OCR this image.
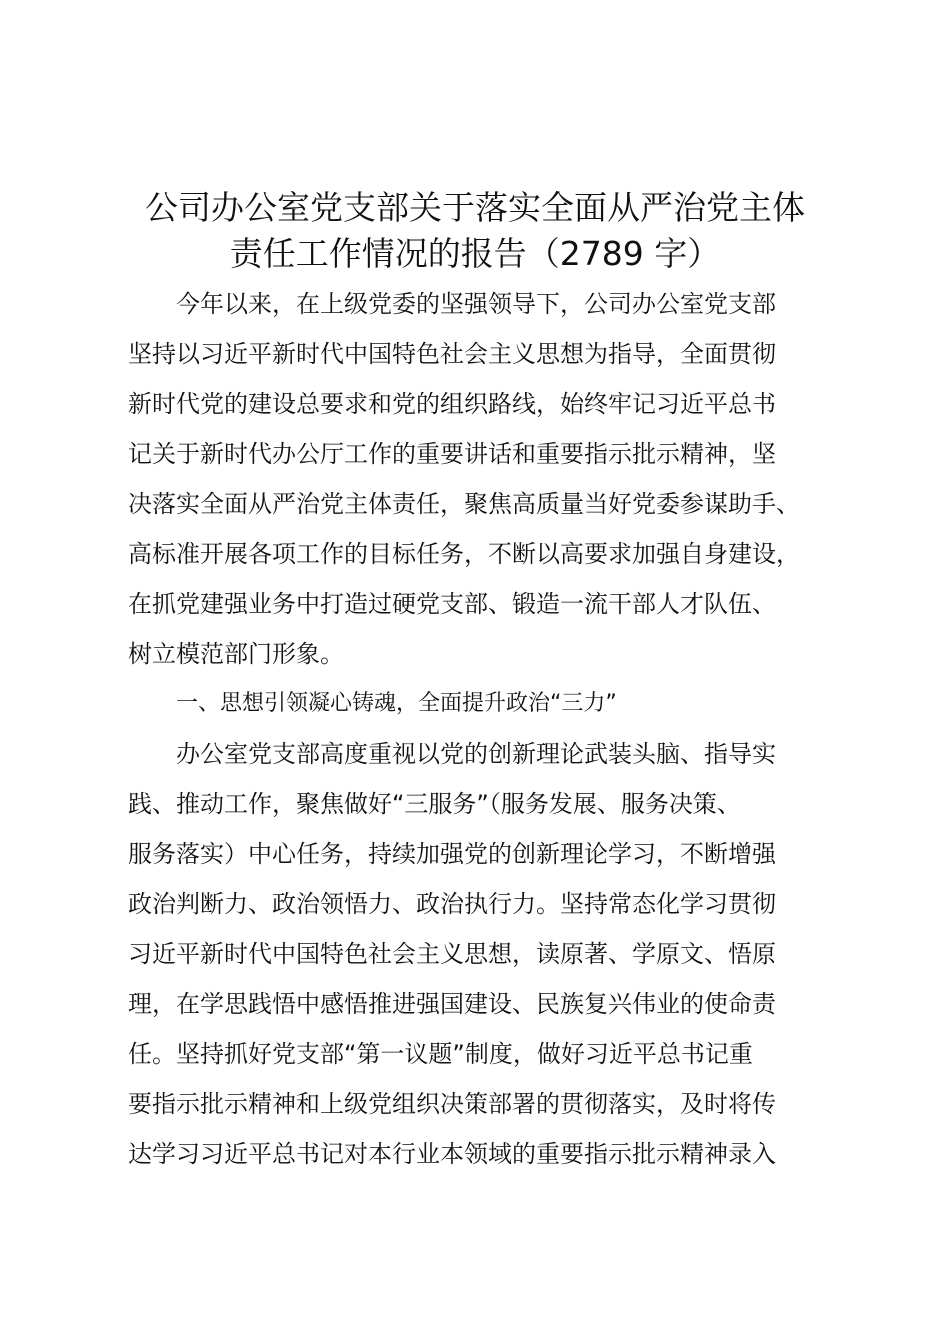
公司办公室党支部关于落实全面从严治党主体
责任工作情况的报告（2789 字）
今年以来，在上级党委的坚强领导下，公司办公室党支部
坚持以习近平新时代中国特色社会主义思想为指导，全面贯彻
新时代党的建设总要求和党的组织路线，始终牢记习近平总书
记关于新时代办公厅工作的重要讲话和重要指示批示精神，坚
决落实全面从严治党主体责任，聚焦高质量当好党委参谋助手、
高标准开展各项工作的目标任务，不断以高要求加强自身建设，
在抓党建强业务中打造过硬党支部、锻造一流干部人才队伍、
树立模范部门形象。
一、思想引领凝心铸魂，全面提升政治“三力”
办公室党支部高度重视以党的创新理论武装头脑、指导实
践、推动工作，聚焦做好“三服务”（服务发展、服务决策、
服务落实）中心任务，持续加强党的创新理论学习，不断增强
政治判断力、政治领悟力、政治执行力。坚持常态化学习贯彻
习近平新时代中国特色社会主义思想，读原著、学原文、悟原
理，在学思践悟中感悟推进强国建设、民族复兴伟业的使命责
任。坚持抓好党支部“第一议题”制度，做好习近平总书记重
要指示批示精神和上级党组织决策部署的贯彻落实，及时将传
达学习习近平总书记对本行业本领域的重要指示批示精神录入
